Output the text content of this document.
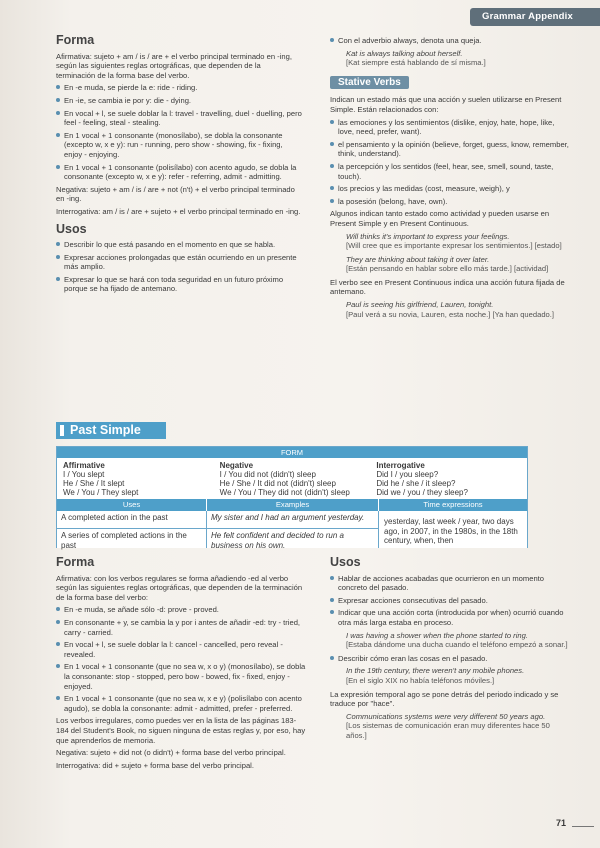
Grammar Appendix
Forma
Afirmativa: sujeto + am / is / are + el verbo principal terminado en -ing, según las siguientes reglas ortográficas, que dependen de la terminación de la forma base del verbo.
En -e muda, se pierde la e: ride - riding.
En -ie, se cambia ie por y: die - dying.
En vocal + l, se suele doblar la l: travel - travelling, duel - duelling, pero feel - feeling, steal - stealing.
En 1 vocal + 1 consonante (monosílabo), se dobla la consonante (excepto w, x e y): run - running, pero show - showing, fix - fixing, enjoy - enjoying.
En 1 vocal + 1 consonante (polisílabo) con acento agudo, se dobla la consonante (excepto w, x e y): refer - referring, admit - admitting.
Negativa: sujeto + am / is / are + not (n't) + el verbo principal terminado en -ing.
Interrogativa: am / is / are + sujeto + el verbo principal terminado en -ing.
Usos
Describir lo que está pasando en el momento en que se habla.
Expresar acciones prolongadas que están ocurriendo en un presente más amplio.
Expresar lo que se hará con toda seguridad en un futuro próximo porque se ha fijado de antemano.
Con el adverbio always, denota una queja.
Kat is always talking about herself.
[Kat siempre está hablando de sí misma.]
Stative Verbs
Indican un estado más que una acción y suelen utilizarse en Present Simple. Están relacionados con:
las emociones y los sentimientos (dislike, enjoy, hate, hope, like, love, need, prefer, want).
el pensamiento y la opinión (believe, forget, guess, know, remember, think, understand).
la percepción y los sentidos (feel, hear, see, smell, sound, taste, touch).
los precios y las medidas (cost, measure, weigh), y
la posesión (belong, have, own).
Algunos indican tanto estado como actividad y pueden usarse en Present Simple y en Present Continuous.
Will thinks it's important to express your feelings.
[Will cree que es importante expresar los sentimientos.] [estado]
They are thinking about taking it over later.
[Están pensando en hablar sobre ello más tarde.] [actividad]
El verbo see en Present Continuous indica una acción futura fijada de antemano.
Paul is seeing his girlfriend, Lauren, tonight.
[Paul verá a su novia, Lauren, esta noche.] [Ya han quedado.]
Past Simple
FORM
Affirmative
I / You slept
He / She / It slept
We / You / They slept
Negative
I / You did not (didn't) sleep
He / She / It did not (didn't) sleep
We / You / They did not (didn't) sleep
Interrogative
Did I / you sleep?
Did he / she / it sleep?
Did we / you / they sleep?
Uses	Examples	Time expressions
A completed action in the past
A series of completed actions in the past
My sister and I had an argument yesterday.
He felt confident and decided to run a business on his own.
yesterday, last week / year, two days ago, in 2007, in the 1980s, in the 18th century, when, then
Forma
Afirmativa: con los verbos regulares se forma añadiendo -ed al verbo según las siguientes reglas ortográficas, que dependen de la terminación de la forma base del verbo:
En -e muda, se añade sólo -d: prove - proved.
En consonante + y, se cambia la y por i antes de añadir -ed: try - tried, carry - carried.
En vocal + l, se suele doblar la l: cancel - cancelled, pero reveal - revealed.
En 1 vocal + 1 consonante (que no sea w, x o y) (monosílabo), se dobla la consonante: stop - stopped, pero bow - bowed, fix - fixed, enjoy - enjoyed.
En 1 vocal + 1 consonante (que no sea w, x e y) (polisílabo con acento agudo), se dobla la consonante: admit - admitted, prefer - preferred.
Los verbos irregulares, como puedes ver en la lista de las páginas 183-184 del Student's Book, no siguen ninguna de estas reglas y, por eso, hay que aprenderlos de memoria.
Negativa: sujeto + did not (o didn't) + forma base del verbo principal.
Interrogativa: did + sujeto + forma base del verbo principal.
Usos
Hablar de acciones acabadas que ocurrieron en un momento concreto del pasado.
Expresar acciones consecutivas del pasado.
Indicar que una acción corta (introducida por when) ocurrió cuando otra más larga estaba en proceso.
I was having a shower when the phone started to ring.
[Estaba dándome una ducha cuando el teléfono empezó a sonar.]
Describir cómo eran las cosas en el pasado.
In the 19th century, there weren't any mobile phones.
[En el siglo XIX no había teléfonos móviles.]
La expresión temporal ago se pone detrás del periodo indicado y se traduce por "hace".
Communications systems were very different 50 years ago.
[Los sistemas de comunicación eran muy diferentes hace 50 años.]
71
